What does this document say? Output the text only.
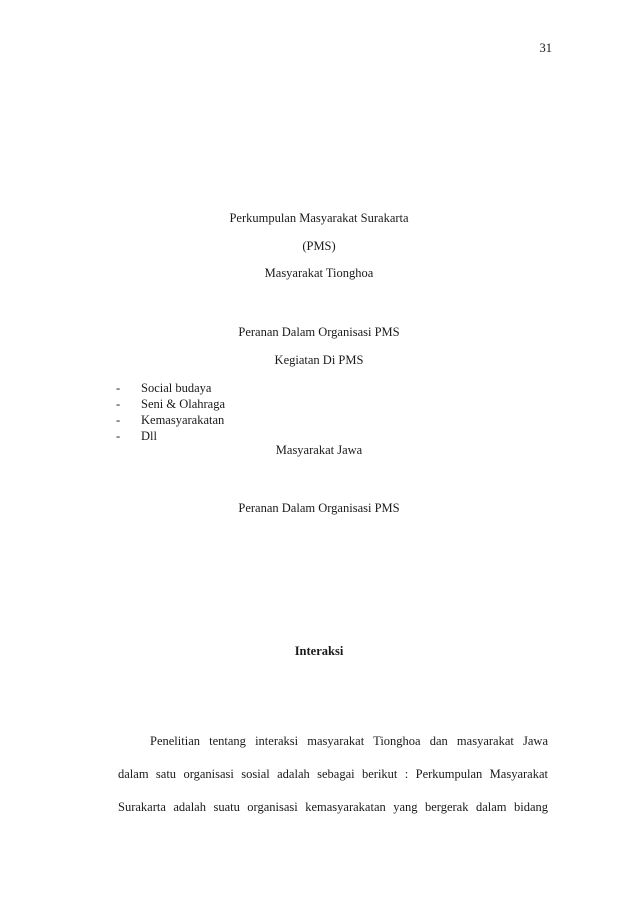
31
Perkumpulan Masyarakat Surakarta
(PMS)
Masyarakat Tionghoa
Peranan Dalam Organisasi PMS
Kegiatan Di PMS
- Social budaya
- Seni & Olahraga
- Kemasyarakatan
- Dll
Masyarakat Jawa
Peranan Dalam Organisasi PMS
Interaksi
Penelitian tentang interaksi masyarakat Tionghoa dan masyarakat Jawa
dalam satu organisasi sosial adalah sebagai berikut : Perkumpulan Masyarakat
Surakarta adalah suatu organisasi kemasyarakatan yang bergerak dalam bidang
